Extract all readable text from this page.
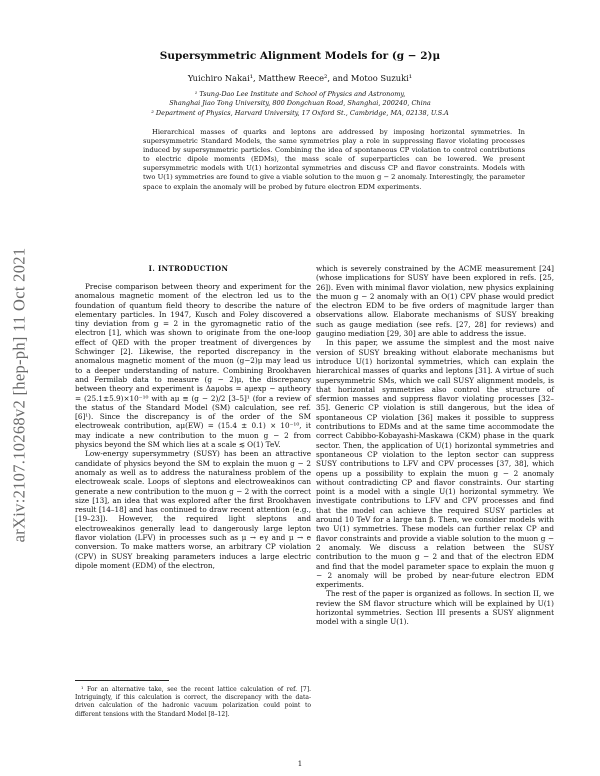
arXiv:2107.10268v2 [hep-ph] 11 Oct 2021
Supersymmetric Alignment Models for (g − 2)μ
Yuichiro Nakai¹, Matthew Reece², and Motoo Suzuki¹
¹ Tsung-Dao Lee Institute and School of Physics and Astronomy,
Shanghai Jiao Tong University, 800 Dongchuan Road, Shanghai, 200240, China
² Department of Physics, Harvard University, 17 Oxford St., Cambridge, MA, 02138, U.S.A
Hierarchical masses of quarks and leptons are addressed by imposing horizontal symmetries. In supersymmetric Standard Models, the same symmetries play a role in suppressing flavor violating processes induced by supersymmetric particles. Combining the idea of spontaneous CP violation to control contributions to electric dipole moments (EDMs), the mass scale of superparticles can be lowered. We present supersymmetric models with U(1) horizontal symmetries and discuss CP and flavor constraints. Models with two U(1) symmetries are found to give a viable solution to the muon g − 2 anomaly. Interestingly, the parameter space to explain the anomaly will be probed by future electron EDM experiments.
I. INTRODUCTION

Precise comparison between theory and experiment for the anomalous magnetic moment of the electron led us to the foundation of quantum field theory to describe the nature of elementary particles. In 1947, Kusch and Foley discovered a tiny deviation from g = 2 in the gyromagnetic ratio of the electron [1], which was shown to originate from the one-loop effect of QED with the proper treatment of divergences by Schwinger [2]. Likewise, the reported discrepancy in the anomalous magnetic moment of the muon (g−2)μ may lead us to a deeper understanding of nature. Combining Brookhaven and Fermilab data to measure (g − 2)μ, the discrepancy between theory and experiment is Δaμobs = aμexp − aμtheory = (25.1±5.9)×10⁻¹⁰ with aμ ≡ (g − 2)/2 [3–5]¹ (for a review of the status of the Standard Model (SM) calculation, see ref. [6]¹). Since the discrepancy is of the order of the SM electroweak contribution, aμ(EW) = (15.4 ± 0.1) × 10⁻¹⁰, it may indicate a new contribution to the muon g − 2 from physics beyond the SM which lies at a scale ≲ O(1) TeV.

Low-energy supersymmetry (SUSY) has been an attractive candidate of physics beyond the SM to explain the muon g − 2 anomaly as well as to address the naturalness problem of the electroweak scale. Loops of sleptons and electroweakinos can generate a new contribution to the muon g − 2 with the correct size [13], an idea that was explored after the first Brookhaven result [14–18] and has continued to draw recent attention (e.g., [19–23]). However, the required light sleptons and electroweakinos generally lead to dangerously large lepton flavor violation (LFV) in processes such as μ → eγ and μ → e conversion. To make matters worse, an arbitrary CP violation (CPV) in SUSY breaking parameters induces a large electric dipole moment (EDM) of the electron,

which is severely constrained by the ACME measurement [24] (whose implications for SUSY have been explored in refs. [25, 26]). Even with minimal flavor violation, new physics explaining the muon g − 2 anomaly with an O(1) CPV phase would predict the electron EDM to be five orders of magnitude larger than observations allow. Elaborate mechanisms of SUSY breaking such as gauge mediation (see refs. [27, 28] for reviews) and gaugino mediation [29, 30] are able to address the issue.

In this paper, we assume the simplest and the most naive version of SUSY breaking without elaborate mechanisms but introduce U(1) horizontal symmetries, which can explain the hierarchical masses of quarks and leptons [31]. A virtue of such supersymmetric SMs, which we call SUSY alignment models, is that horizontal symmetries also control the structure of sfermion masses and suppress flavor violating processes [32–35]. Generic CP violation is still dangerous, but the idea of spontaneous CP violation [36] makes it possible to suppress contributions to EDMs and at the same time accommodate the correct Cabibbo-Kobayashi-Maskawa (CKM) phase in the quark sector. Then, the application of U(1) horizontal symmetries and spontaneous CP violation to the lepton sector can suppress SUSY contributions to LFV and CPV processes [37, 38], which opens up a possibility to explain the muon g − 2 anomaly without contradicting CP and flavor constraints. Our starting point is a model with a single U(1) horizontal symmetry. We investigate contributions to LFV and CPV processes and find that the model can achieve the required SUSY particles at around 10 TeV for a large tan β. Then, we consider models with two U(1) symmetries. These models can further relax CP and flavor constraints and provide a viable solution to the muon g − 2 anomaly. We discuss a relation between the SUSY contribution to the muon g − 2 and that of the electron EDM and find that the model parameter space to explain the muon g − 2 anomaly will be probed by near-future electron EDM experiments.

The rest of the paper is organized as follows. In section II, we review the SM flavor structure which will be explained by U(1) horizontal symmetries. Section III presents a SUSY alignment model with a single U(1).

¹ For an alternative take, see the recent lattice calculation of ref. [7]. Intriguingly, if this calculation is correct, the discrepancy with the data-driven calculation of the hadronic vacuum polarization could point to different tensions with the Standard Model [8–12].
1
